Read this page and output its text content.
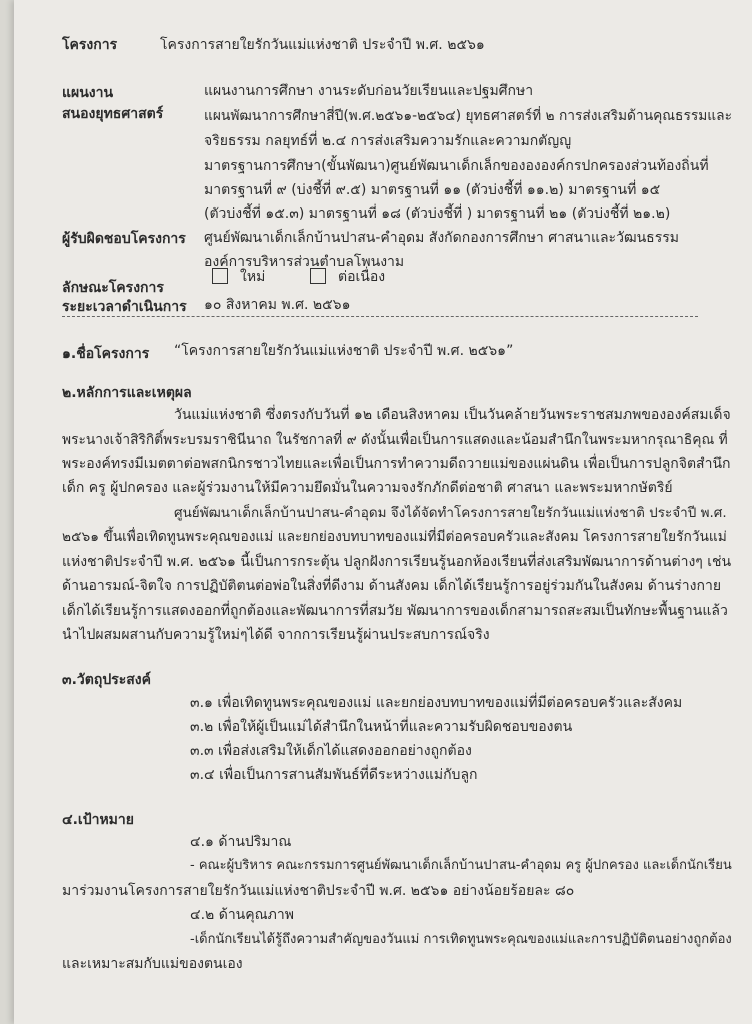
โครงการ	โครงการสายใยรักวันแม่แห่งชาติ ประจำปี พ.ศ. ๒๕๖๑
แผนงาน
สนองยุทธศาสตร์
แผนงานการศึกษา งานระดับก่อนวัยเรียนและปฐมศึกษา
แผนพัฒนาการศึกษาสี่ปี(พ.ศ.๒๕๖๑-๒๕๖๔) ยุทธศาสตร์ที่ ๒ การส่งเสริมด้านคุณธรรมและ
จริยธรรม กลยุทธ์ที่ ๒.๔ การส่งเสริมความรักและความกตัญญู
มาตรฐานการศึกษา(ขั้นพัฒนา)ศูนย์พัฒนาเด็กเล็กของององค์กรปกครองส่วนท้องถิ่นที่
มาตรฐานที่ ๙ (บ่งชี้ที่ ๙.๕) มาตรฐานที่ ๑๑ (ตัวบ่งชี้ที่ ๑๑.๒) มาตรฐานที่ ๑๕
(ตัวบ่งชี้ที่ ๑๕.๓) มาตรฐานที่ ๑๘ (ตัวบ่งชี้ที่ ) มาตรฐานที่ ๒๑ (ตัวบ่งชี้ที่ ๒๑.๒)
ผู้รับผิดชอบโครงการ ศูนย์พัฒนาเด็กเล็กบ้านปาสน-คำอุดม สังกัดกองการศึกษา ศาสนาและวัฒนธรรม
องค์การบริหารส่วนตำบลโพนงาม
ลักษณะโครงการ
ใหม่	ต่อเนื่อง
ระยะเวลาดำเนินการ ๑๐ สิงหาคม พ.ศ. ๒๕๖๑
๑.ชื่อโครงการ “โครงการสายใยรักวันแม่แห่งชาติ ประจำปี พ.ศ. ๒๕๖๑”
๒.หลักการและเหตุผล
วันแม่แห่งชาติ ซึ่งตรงกับวันที่ ๑๒ เดือนสิงหาคม เป็นวันคล้ายวันพระราชสมภพขององค์สมเด็จ
พระนางเจ้าสิริกิติ์พระบรมราชินีนาถ ในรัชกาลที่ ๙ ดังนั้นเพื่อเป็นการแสดงและน้อมสำนึกในพระมหากรุณาธิคุณ ที่
พระองค์ทรงมีเมตตาต่อพสกนิกรชาวไทยและเพื่อเป็นการทำความดีถวายแม่ของแผ่นดิน เพื่อเป็นการปลูกจิตสำนึก
เด็ก ครู ผู้ปกครอง และผู้ร่วมงานให้มีความยึดมั่นในความจงรักภักดีต่อชาติ ศาสนา และพระมหากษัตริย์
ศูนย์พัฒนาเด็กเล็กบ้านปาสน-คำอุดม จึงได้จัดทำโครงการสายใยรักวันแม่แห่งชาติ ประจำปี พ.ศ.
๒๕๖๑ ขึ้นเพื่อเทิดทูนพระคุณของแม่ และยกย่องบทบาทของแม่ที่มีต่อครอบครัวและสังคม โครงการสายใยรักวันแม่
แห่งชาติประจำปี พ.ศ. ๒๕๖๑ นี้เป็นการกระตุ้น ปลูกฝังการเรียนรู้นอกห้องเรียนที่ส่งเสริมพัฒนาการด้านต่างๆ เช่น
ด้านอารมณ์-จิตใจ การปฏิบัติตนต่อพ่อในสิ่งที่ดีงาม ด้านสังคม เด็กได้เรียนรู้การอยู่ร่วมกันในสังคม ด้านร่างกาย
เด็กได้เรียนรู้การแสดงออกที่ถูกต้องและพัฒนาการที่สมวัย พัฒนาการของเด็กสามารถสะสมเป็นทักษะพื้นฐานแล้ว
นำไปผสมผสานกับความรู้ใหม่ๆได้ดี จากการเรียนรู้ผ่านประสบการณ์จริง
๓.วัตถุประสงค์
๓.๑ เพื่อเทิดทูนพระคุณของแม่ และยกย่องบทบาทของแม่ที่มีต่อครอบครัวและสังคม
๓.๒ เพื่อให้ผู้เป็นแม่ได้สำนึกในหน้าที่และความรับผิดชอบของตน
๓.๓ เพื่อส่งเสริมให้เด็กได้แสดงออกอย่างถูกต้อง
๓.๔ เพื่อเป็นการสานสัมพันธ์ที่ดีระหว่างแม่กับลูก
๔.เป้าหมาย
๔.๑ ด้านปริมาณ
- คณะผู้บริหาร คณะกรรมการศูนย์พัฒนาเด็กเล็กบ้านปาสน-คำอุดม ครู ผู้ปกครอง และเด็กนักเรียน
มาร่วมงานโครงการสายใยรักวันแม่แห่งชาติประจำปี พ.ศ. ๒๕๖๑ อย่างน้อยร้อยละ ๘๐
๔.๒ ด้านคุณภาพ
-เด็กนักเรียนได้รู้ถึงความสำคัญของวันแม่ การเทิดทูนพระคุณของแม่และการปฏิบัติตนอย่างถูกต้อง
และเหมาะสมกับแม่ของตนเอง
